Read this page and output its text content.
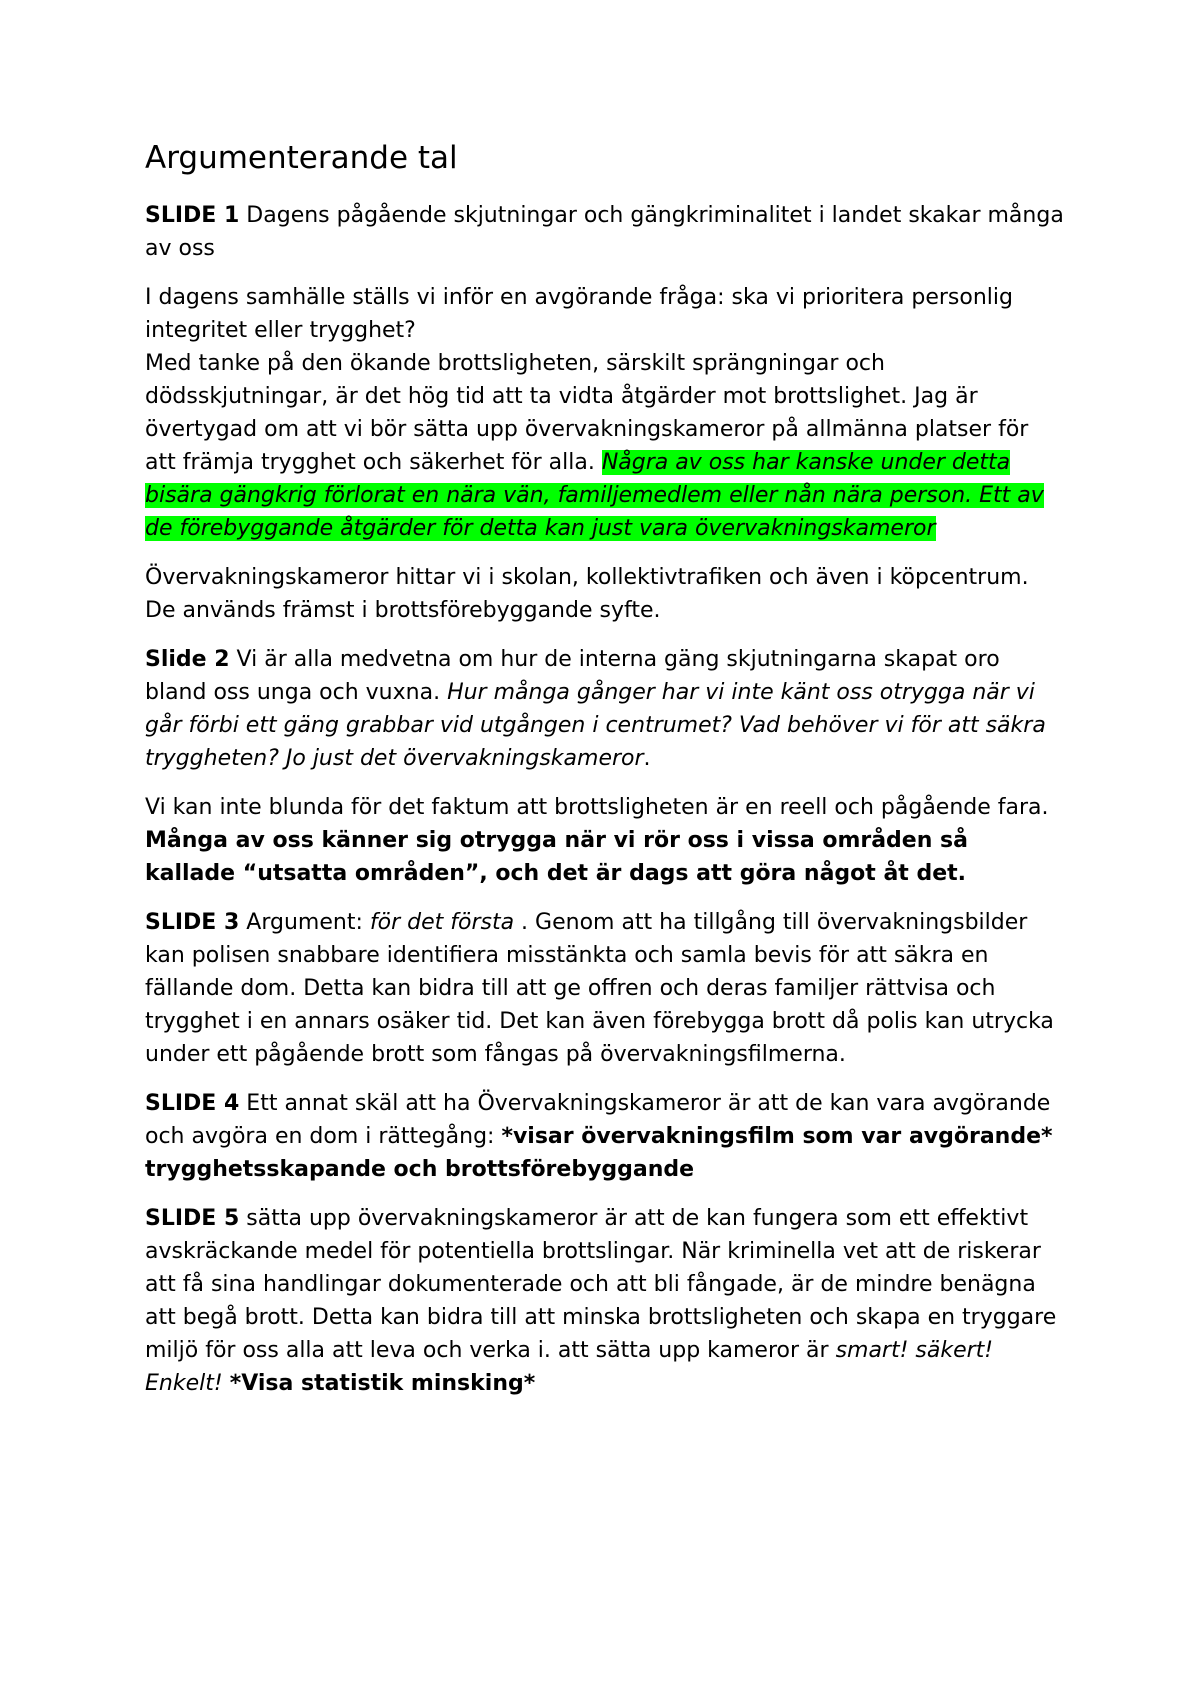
Argumenterande tal

SLIDE 1 Dagens pågående skjutningar och gängkriminalitet i landet skakar många av oss

I dagens samhälle ställs vi inför en avgörande fråga: ska vi prioritera personlig integritet eller trygghet?

Med tanke på den ökande brottsligheten, särskilt sprängningar och dödsskjutningar, är det hög tid att ta vidta åtgärder mot brottslighet. Jag är övertygad om att vi bör sätta upp övervakningskameror på allmänna platser för att främja trygghet och säkerhet för alla. Några av oss har kanske under detta bisära gängkrig förlorat en nära vän, familjemedlem eller nån nära person. Ett av de förebyggande åtgärder för detta kan just vara övervakningskameror

Övervakningskameror hittar vi i skolan, kollektivtrafiken och även i köpcentrum. De används främst i brottsförebyggande syfte.

Slide 2 Vi är alla medvetna om hur de interna gäng skjutningarna skapat oro bland oss unga och vuxna. Hur många gånger har vi inte känt oss otrygga när vi går förbi ett gäng grabbar vid utgången i centrumet? Vad behöver vi för att säkra tryggheten? Jo just det övervakningskameror.

Vi kan inte blunda för det faktum att brottsligheten är en reell och pågående fara. Många av oss känner sig otrygga när vi rör oss i vissa områden så kallade “utsatta områden”, och det är dags att göra något åt det.

SLIDE 3 Argument: för det första . Genom att ha tillgång till övervakningsbilder kan polisen snabbare identifiera misstänkta och samla bevis för att säkra en fällande dom. Detta kan bidra till att ge offren och deras familjer rättvisa och trygghet i en annars osäker tid. Det kan även förebygga brott då polis kan utrycka under ett pågående brott som fångas på övervakningsfilmerna.

SLIDE 4 Ett annat skäl att ha Övervakningskameror är att de kan vara avgörande och avgöra en dom i rättegång: *visar övervakningsfilm som var avgörande* trygghetsskapande och brottsförebyggande

SLIDE 5 sätta upp övervakningskameror är att de kan fungera som ett effektivt avskräckande medel för potentiella brottslingar. När kriminella vet att de riskerar att få sina handlingar dokumenterade och att bli fångade, är de mindre benägna att begå brott. Detta kan bidra till att minska brottsligheten och skapa en tryggare miljö för oss alla att leva och verka i. att sätta upp kameror är smart! säkert! Enkelt! *Visa statistik minsking*
